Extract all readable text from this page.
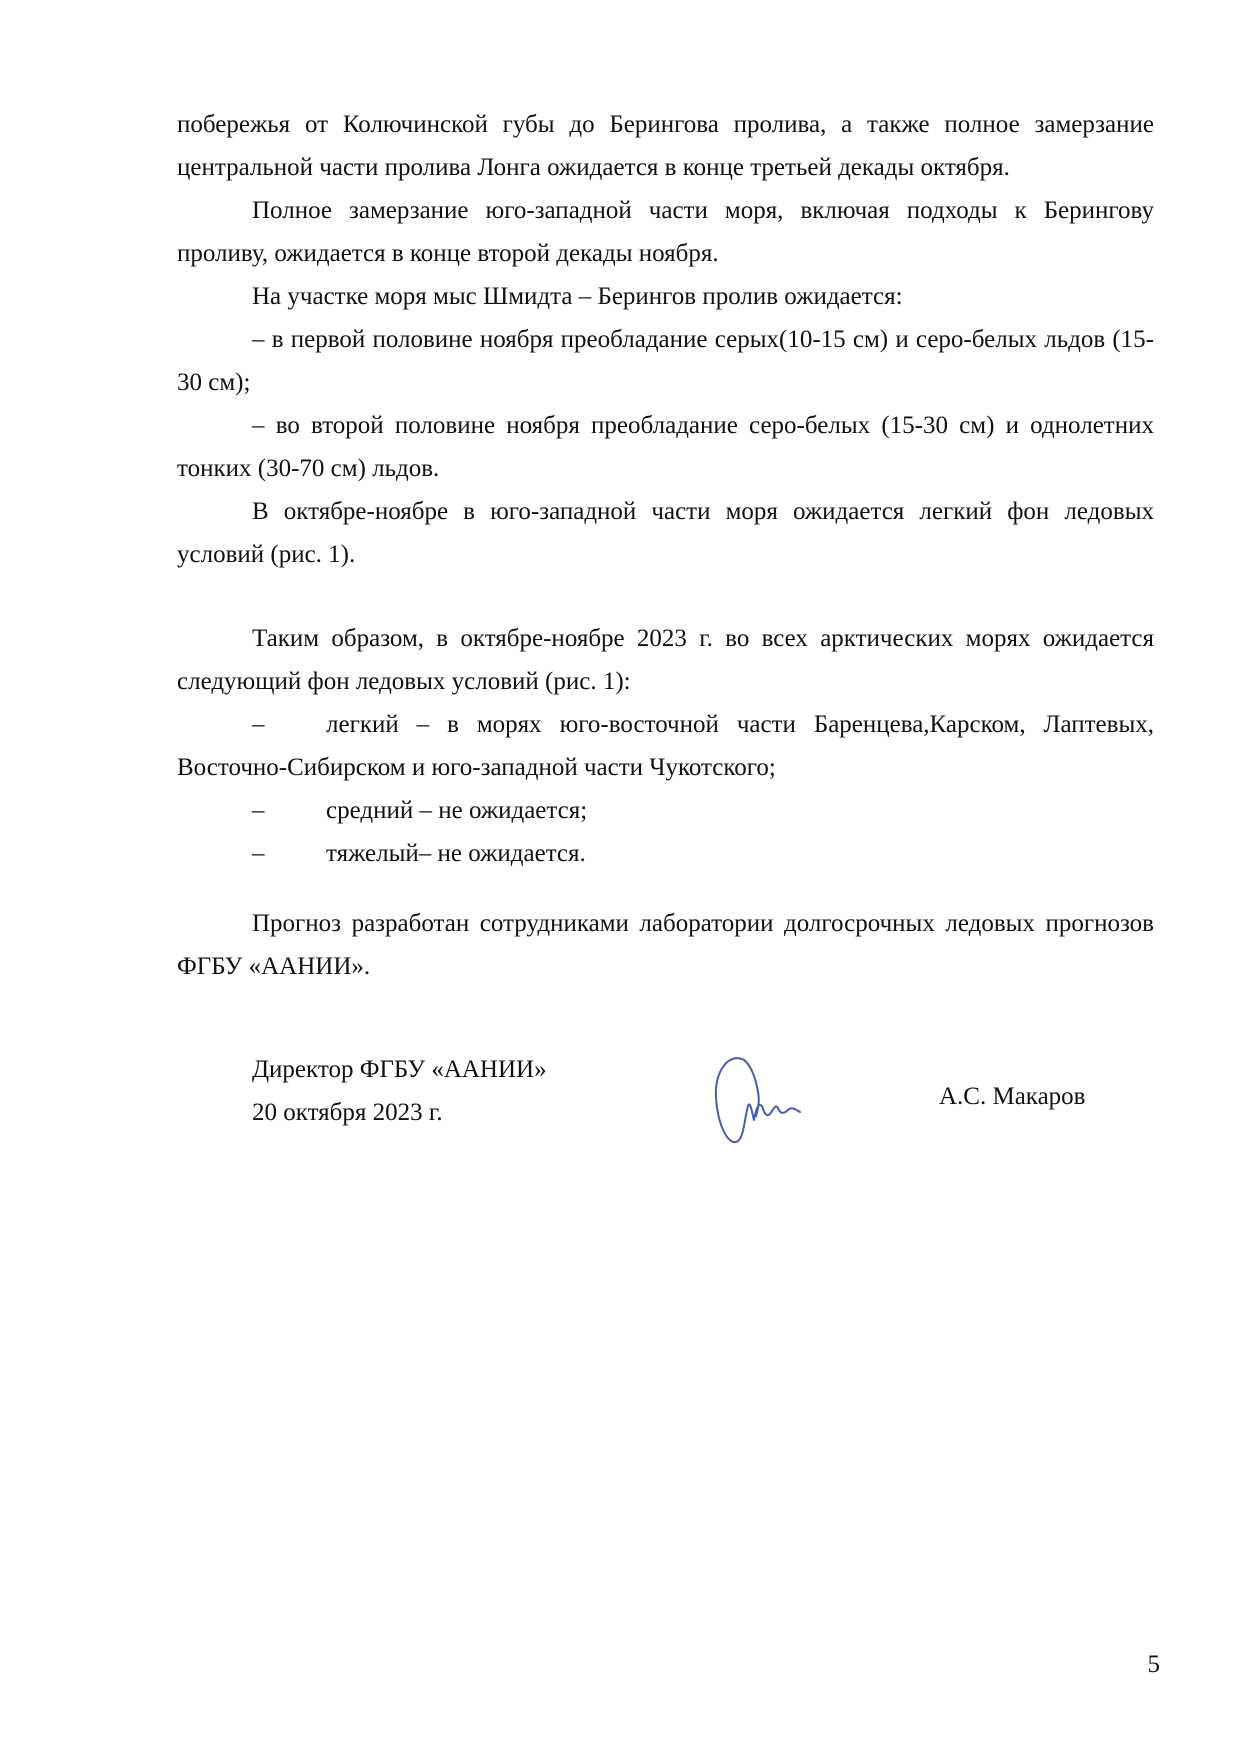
побережья от Колючинской губы до Берингова пролива, а также полное замерзание центральной части пролива Лонга ожидается в конце третьей декады октября.

Полное замерзание юго-западной части моря, включая подходы к Берингову проливу, ожидается в конце второй декады ноября.

На участке моря мыс Шмидта – Берингов пролив ожидается:

– в первой половине ноября преобладание серых(10-15 см) и серо-белых льдов (15-30 см);

– во второй половине ноября преобладание серо-белых (15-30 см) и однолетних тонких (30-70 см) льдов.

В октябре-ноябре в юго-западной части моря ожидается легкий фон ледовых условий (рис. 1).

Таким образом, в октябре-ноябре 2023 г. во всех арктических морях ожидается следующий фон ледовых условий (рис. 1):

–	легкий – в морях юго-восточной части Баренцева,Карском, Лаптевых, Восточно-Сибирском и юго-западной части Чукотского;
–	средний – не ожидается;
–	тяжелый– не ожидается.

Прогноз разработан сотрудниками лаборатории долгосрочных ледовых прогнозов ФГБУ «ААНИИ».

Директор ФГБУ «ААНИИ»
20 октября 2023 г.
А.С. Макаров
5
